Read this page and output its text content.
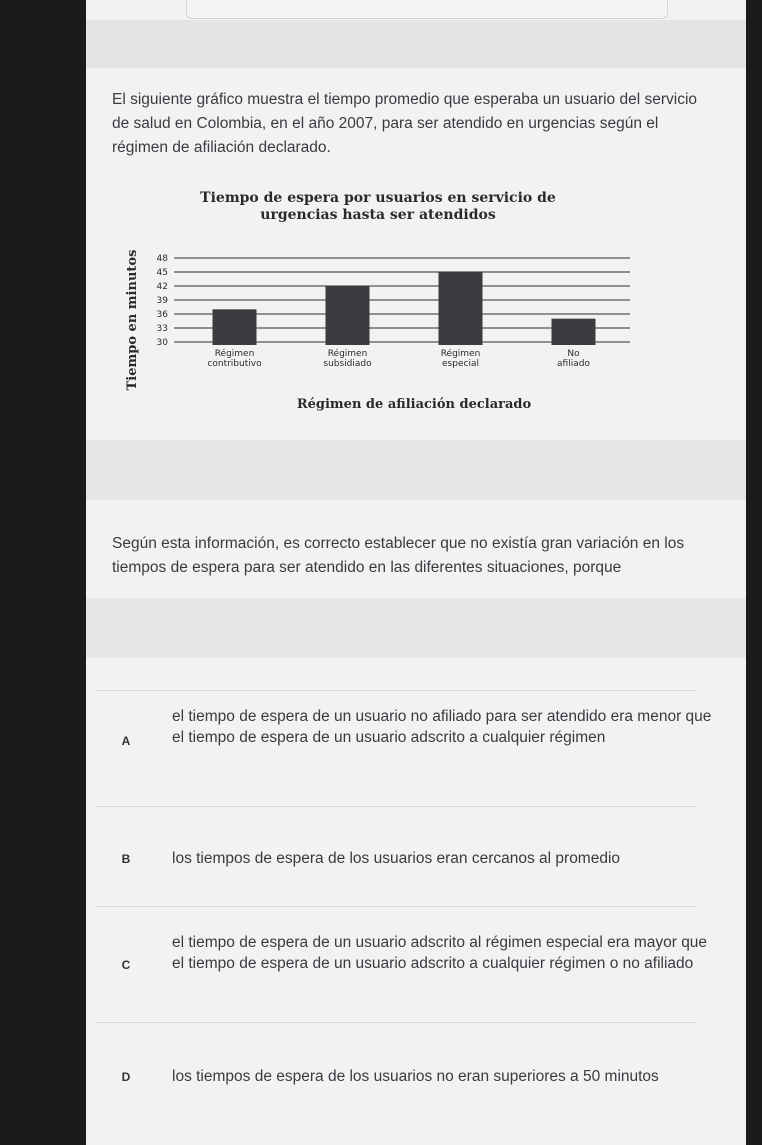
El siguiente gráfico muestra el tiempo promedio que esperaba un usuario del servicio de salud en Colombia, en el año 2007, para ser atendido en urgencias según el régimen de afiliación declarado.
Tiempo de espera por usuarios en servicio de urgencias hasta ser atendidos
30
33
36
39
42
45
48
Régimen
contributivo
Régimen
subsidiado
Régimen
especial
No
afiliado
Tiempo en minutos
Régimen de afiliación declarado
Según esta información, es correcto establecer que no existía gran variación en los tiempos de espera para ser atendido en las diferentes situaciones, porque
A
el tiempo de espera de un usuario no afiliado para ser atendido era menor que el tiempo de espera de un usuario adscrito a cualquier régimen
B	los tiempos de espera de los usuarios eran cercanos al promedio
C
el tiempo de espera de un usuario adscrito al régimen especial era mayor que el tiempo de espera de un usuario adscrito a cualquier régimen o no afiliado
D	los tiempos de espera de los usuarios no eran superiores a 50 minutos
